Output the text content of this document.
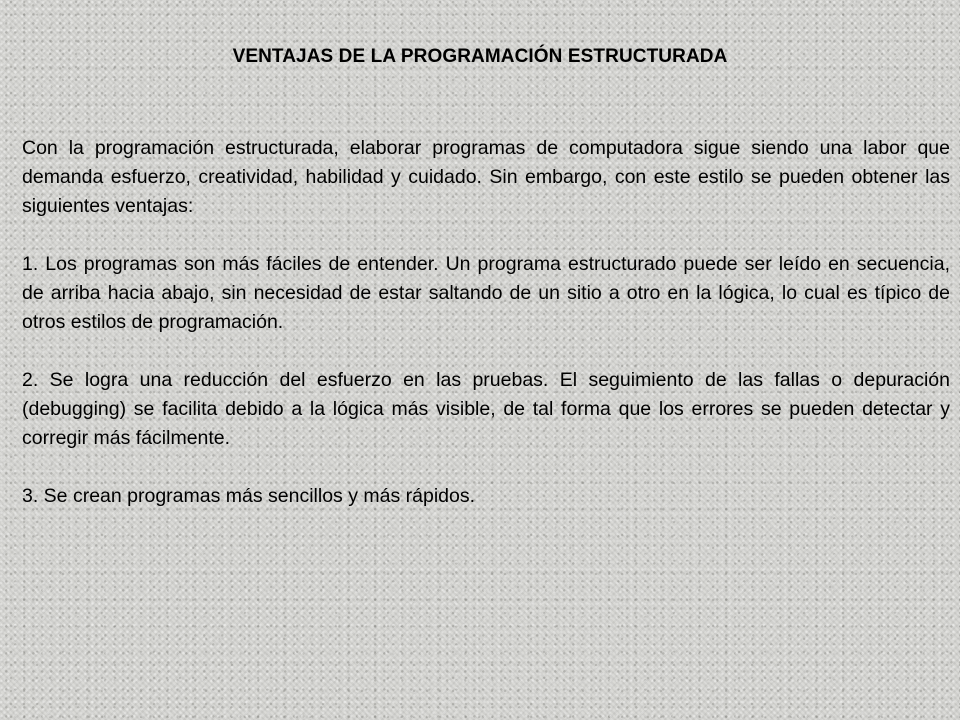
VENTAJAS DE LA PROGRAMACIÓN ESTRUCTURADA

Con la programación estructurada, elaborar programas de computadora sigue siendo una labor que demanda esfuerzo, creatividad, habilidad y cuidado. Sin embargo, con este estilo se pueden obtener las siguientes ventajas:

1. Los programas son más fáciles de entender. Un programa estructurado puede ser leído en secuencia, de arriba hacia abajo, sin necesidad de estar saltando de un sitio a otro en la lógica, lo cual es típico de otros estilos de programación.

2. Se logra una reducción del esfuerzo en las pruebas. El seguimiento de las fallas o depuración (debugging) se facilita debido a la lógica más visible, de tal forma que los errores se pueden detectar y corregir más fácilmente.

3. Se crean programas más sencillos y más rápidos.
